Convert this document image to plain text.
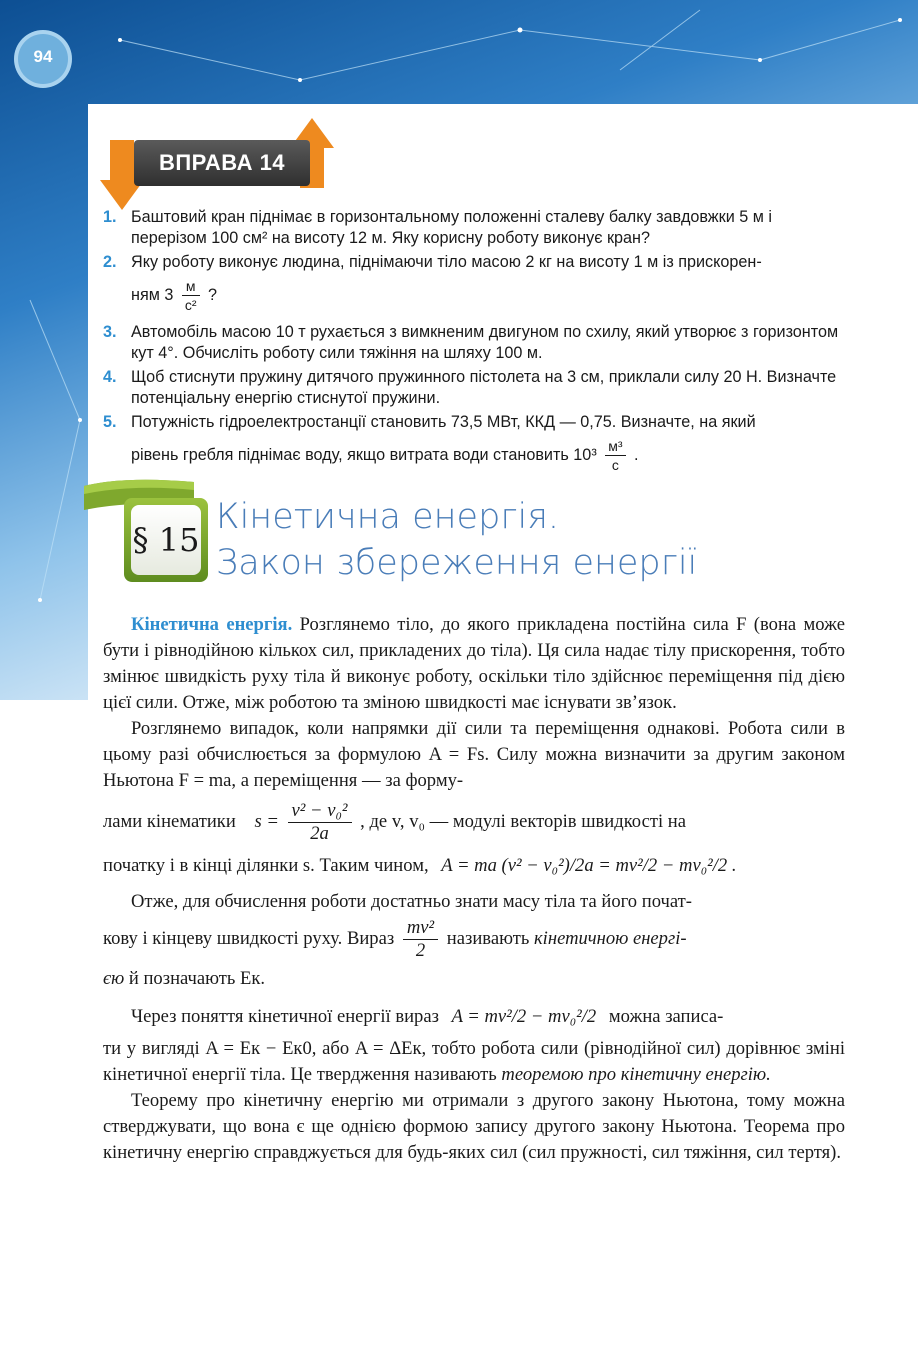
94
ВПРАВА 14

1. Баштовий кран піднімає в горизонтальному положенні сталеву балку завдовжки 5 м і перерізом 100 см² на висоту 12 м. Яку корисну роботу виконує кран?

2. Яку роботу виконує людина, піднімаючи тіло масою 2 кг на висоту 1 м із прискорен-
ням $3 \frac{м}{\text{с²}}$ ?

3. Автомобіль масою 10 т рухається з вимкненим двигуном по схилу, який утворює з горизонтом кут 4°. Обчисліть роботу сили тяжіння на шляху 100 м.

4. Щоб стиснути пружину дитячого пружинного пістолета на 3 см, приклали силу 20 Н. Визначте потенціальну енергію стиснутої пружини.

5. Потужність гідроелектростанції становить 73,5 МВт, ККД — 0,75. Визначте, на який
рівень гребля піднімає воду, якщо витрата води становить $10^3 \frac{\text{м³}}{с}$ .

§ 15
Кінетична енергія.
Закон збереження енергії

Кінетична енергія. Розглянемо тіло, до якого прикладена постійна сила F (вона може бути і рівнодійною кількох сил, прикладених до тіла). Ця сила надає тілу прискорення, тобто змінює швидкість руху тіла й виконує роботу, оскільки тіло здійснює переміщення під дією цієї сили. Отже, між роботою та зміною швидкості має існувати зв’язок.

Розглянемо випадок, коли напрямки дії сили та переміщення однакові. Робота сили в цьому разі обчислюється за формулою A = Fs. Силу можна визначити за другим законом Ньютона F = ma, а переміщення — за форму-

лами кінематики $s = \frac{\text{v² − v₀²}}{2a}$ , де v, v₀ — модулі векторів швидкості на
початку і в кінці ділянки s. Таким чином, A = ma (v² − v₀²)/2a = mv²/2 − mv₀²/2 .

Отже, для обчислення роботи достатньо знати масу тіла та його почат-

кову і кінцеву швидкості руху. Вираз $\frac{\text{mv²}}{2}$ називають кінетичною енергі-
єю й позначають Eк.
Через поняття кінетичної енергії вираз A = mv²/2 − mv₀²/2 можна записа-
ти у вигляді A = Eк − Eк0, або A = ΔEк, тобто робота сили (рівнодійної сил) дорівнює зміні кінетичної енергії тіла. Це твердження називають теоремою про кінетичну енергію.

Теорему про кінетичну енергію ми отримали з другого закону Ньютона, тому можна стверджувати, що вона є ще однією формою запису другого закону Ньютона. Теорема про кінетичну енергію справджується для будь-яких сил (сил пружності, сил тяжіння, сил тертя).
